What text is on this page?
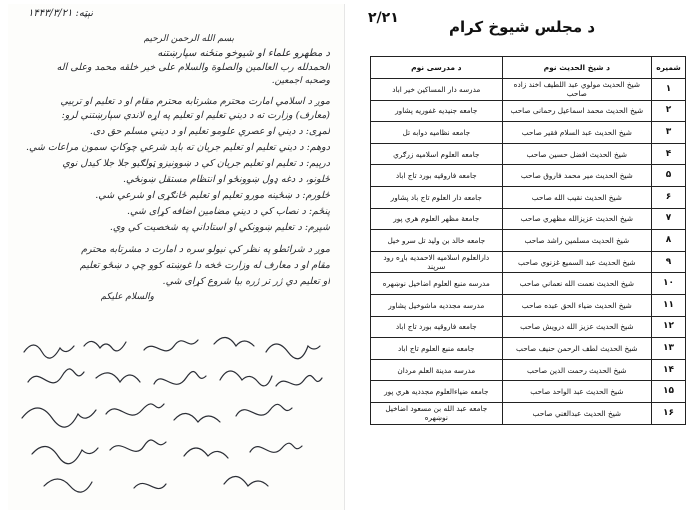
نېټه: ۱۴۴۳/۳/۲۱
بسم الله الرحمن الرحیم
د مطهرو علماء او شیوخو منځنه سپارښتنه
الحمدلله رب العالمین والصلوة والسلام علی خیر خلقه محمد وعلی آله
وصحبه اجمعین.
موږ د اسلامي امارت محترم مشرتابه محترم مقام او د تعلیم او تربیې
(معارف) وزارت ته د دیني تعلیم او تعلیم په اړه لاندې سپارښتنې لرو:
لمړی: د دیني او عصري علومو تعلیم او د دیني مسلم حق دی.
دوهم: د دیني تعلیم او تعلیم جریان ته باید شرعي چوکاټ سمون مراعات شي.
درېیم: د تعلیم او تعلیم جریان کې د ښوونیزو ټولګیو جلا جلا کیدل نوي
ځلونو، د دغه ډول ښوونځو او انتظام مستقل ښونځي.
څلورم: د ښځینه مورو تعلیم او تعلیم ځانګړی او شرعي شي.
پنځم: د نصاب کې د دیني مضامین اضافه کړای شي.
شپږم: د تعلیم ښوونکي او استادانې په شخصیت کې وي.
موږ د شرائطو په نظر کې نیولو سره د امارت د مشرتابه محترم
مقام او د معارف له وزارت څخه دا غوښته کوو چې د ښځو تعلیم
او تعلیم دي ژر تر ژره بیا شروع کړای شي.
والسلام علیکم
۲/۲۱	د مجلس شیوخ کرام
شمیره	د شیخ الحدیث نوم	د مدرسی نوم
۱	شیخ الحدیث مولوي عبد اللطیف اخند زاده صاحب	مدرسه دار المساکین خیر اباد
۲	شیخ الحدیث محمد اسماعیل رحمانی صاحب	جامعه جنیدیه غفوریه پشاور
۳	شیخ الحدیث عبد السلام فقیر صاحب	جامعه نظامیه دوابه تل
۴	شیخ الحدیث افضل حسین صاحب	جامعه العلوم اسلامیه زرګري
۵	شیخ الحدیث میر محمد فاروق صاحب	جامعه فاروقیه بورد تاج اباد
۶	شیخ الحدیث نقیب الله صاحب	جامعه دار العلوم تاج باد پشاور
۷	شیخ الحدیث عزیزالله مظهري صاحب	جامعة مظهر العلوم هري پور
۸	شیخ الحدیث مسلمین راشد صاحب	جامعه خالد بن ولید تل سرو خیل
۹	شیخ الحدیث عبد السمیع غزنوي صاحب	دارالعلوم اسلامیه الاحمدیه باړه رود سرپند
۱۰	شیخ الحدیث نعمت الله نعماني صاحب	مدرسه منبع العلوم اضاخیل نوښهره
۱۱	شیخ الحدیث ضیاء الحق عبده صاحب	مدرسه مجددیه ماشوخیل پشاور
۱۲	شیخ الحدیث عزیز الله درویش صاحب	جامعه فاروقیه بورد تاج اباد
۱۳	شیخ الحدیث لطف الرحمن حنیف صاحب	جامعه منبع العلوم تاج اباد
۱۴	شیخ الحدیث رحمت الدین صاحب	مدرسه مدینة العلم مردان
۱۵	شیخ الحدیث عبد الواحد صاحب	جامعه ضیاءالعلوم مجددیه هري پور
۱۶	شیخ الحدیث عبدالغني صاحب	جامعه عبد الله بن مسعود اضاخیل نوښهره
